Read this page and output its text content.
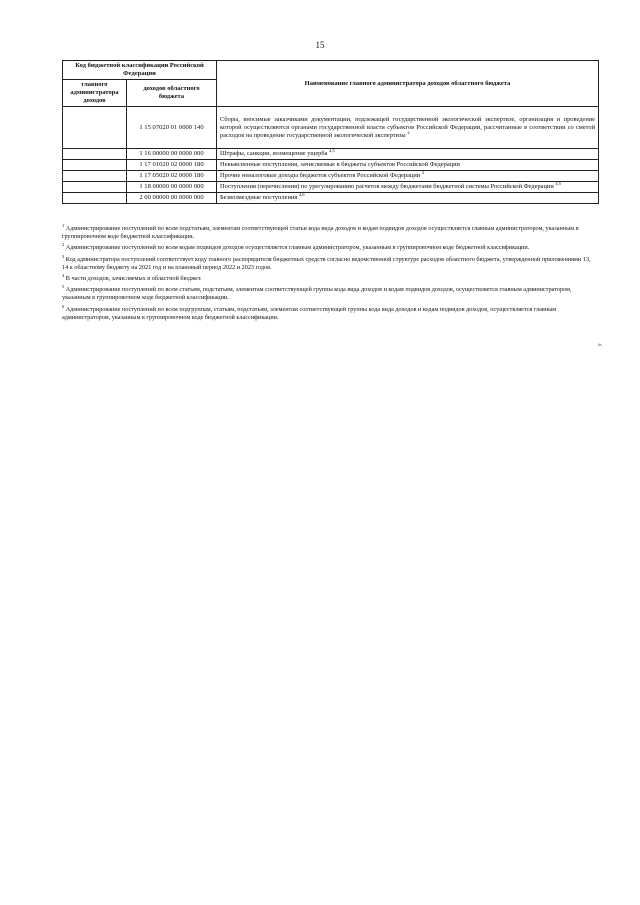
15
Код бюджетной классификации Российской Федерации		Наименование главного администратора доходов областного бюджета
главного администратора доходов	доходов областного бюджета	
	1 15 07020 01 0000 140	Сборы, вносимые заказчиками документации, подлежащей государственной экологической экспертизе, организация и проведение которой осуществляются органами государственной власти субъектов Российской Федерации, рассчитанные в соответствии со сметой расходов на проведение государственной экологической экспертизы $^2$
	1 16 00000 00 0000 000	Штрафы, санкции, возмещение ущерба $^{4,5}$
	1 17 01020 02 0000 180	Невыясненные поступления, зачисляемые в бюджеты субъектов Российской Федерации
	1 17 05020 02 0000 180	Прочие неналоговые доходы бюджетов субъектов Российской Федерации $^2$
	1 18 00000 00 0000 000	Поступления (перечисления) по урегулированию расчетов между бюджетами бюджетной системы Российской Федерации $^{4,5}$
	2 00 00000 00 0000 000	Безвозмездные поступления $^{4,6}$

$^1$ Администрирование поступлений по всем подстатьям, элементам соответствующей статьи кода вида доходов и кодам подвидов доходов осуществляется главным администратором, указанным в группировочном коде бюджетной классификации.

$^2$ Администрирование поступлений по всем кодам подвидов доходов осуществляется главным администратором, указанным в группировочном коде бюджетной классификации.

$^3$ Код администратора поступлений соответствует коду главного распорядителя бюджетных средств согласно ведомственной структуре расходов областного бюджета, утвержденной приложениями 13, 14 к областному бюджету на 2021 год и на плановый период 2022 и 2023 годов.

$^4$ В части доходов, зачисляемых в областной бюджет.

$^5$ Администрирование поступлений по всем статьям, подстатьям, элементам соответствующей группы кода вида доходов и кодам подвидов доходов, осуществляется главным администратором, указанным в группировочном коде бюджетной классификации.

$^6$ Администрирование поступлений по всем подгруппам, статьям, подстатьям, элементам соответствующей группы кода вида доходов и кодам подвидов доходов, осуществляется главным администратором, указанным в группировочном коде бюджетной классификации.

».
